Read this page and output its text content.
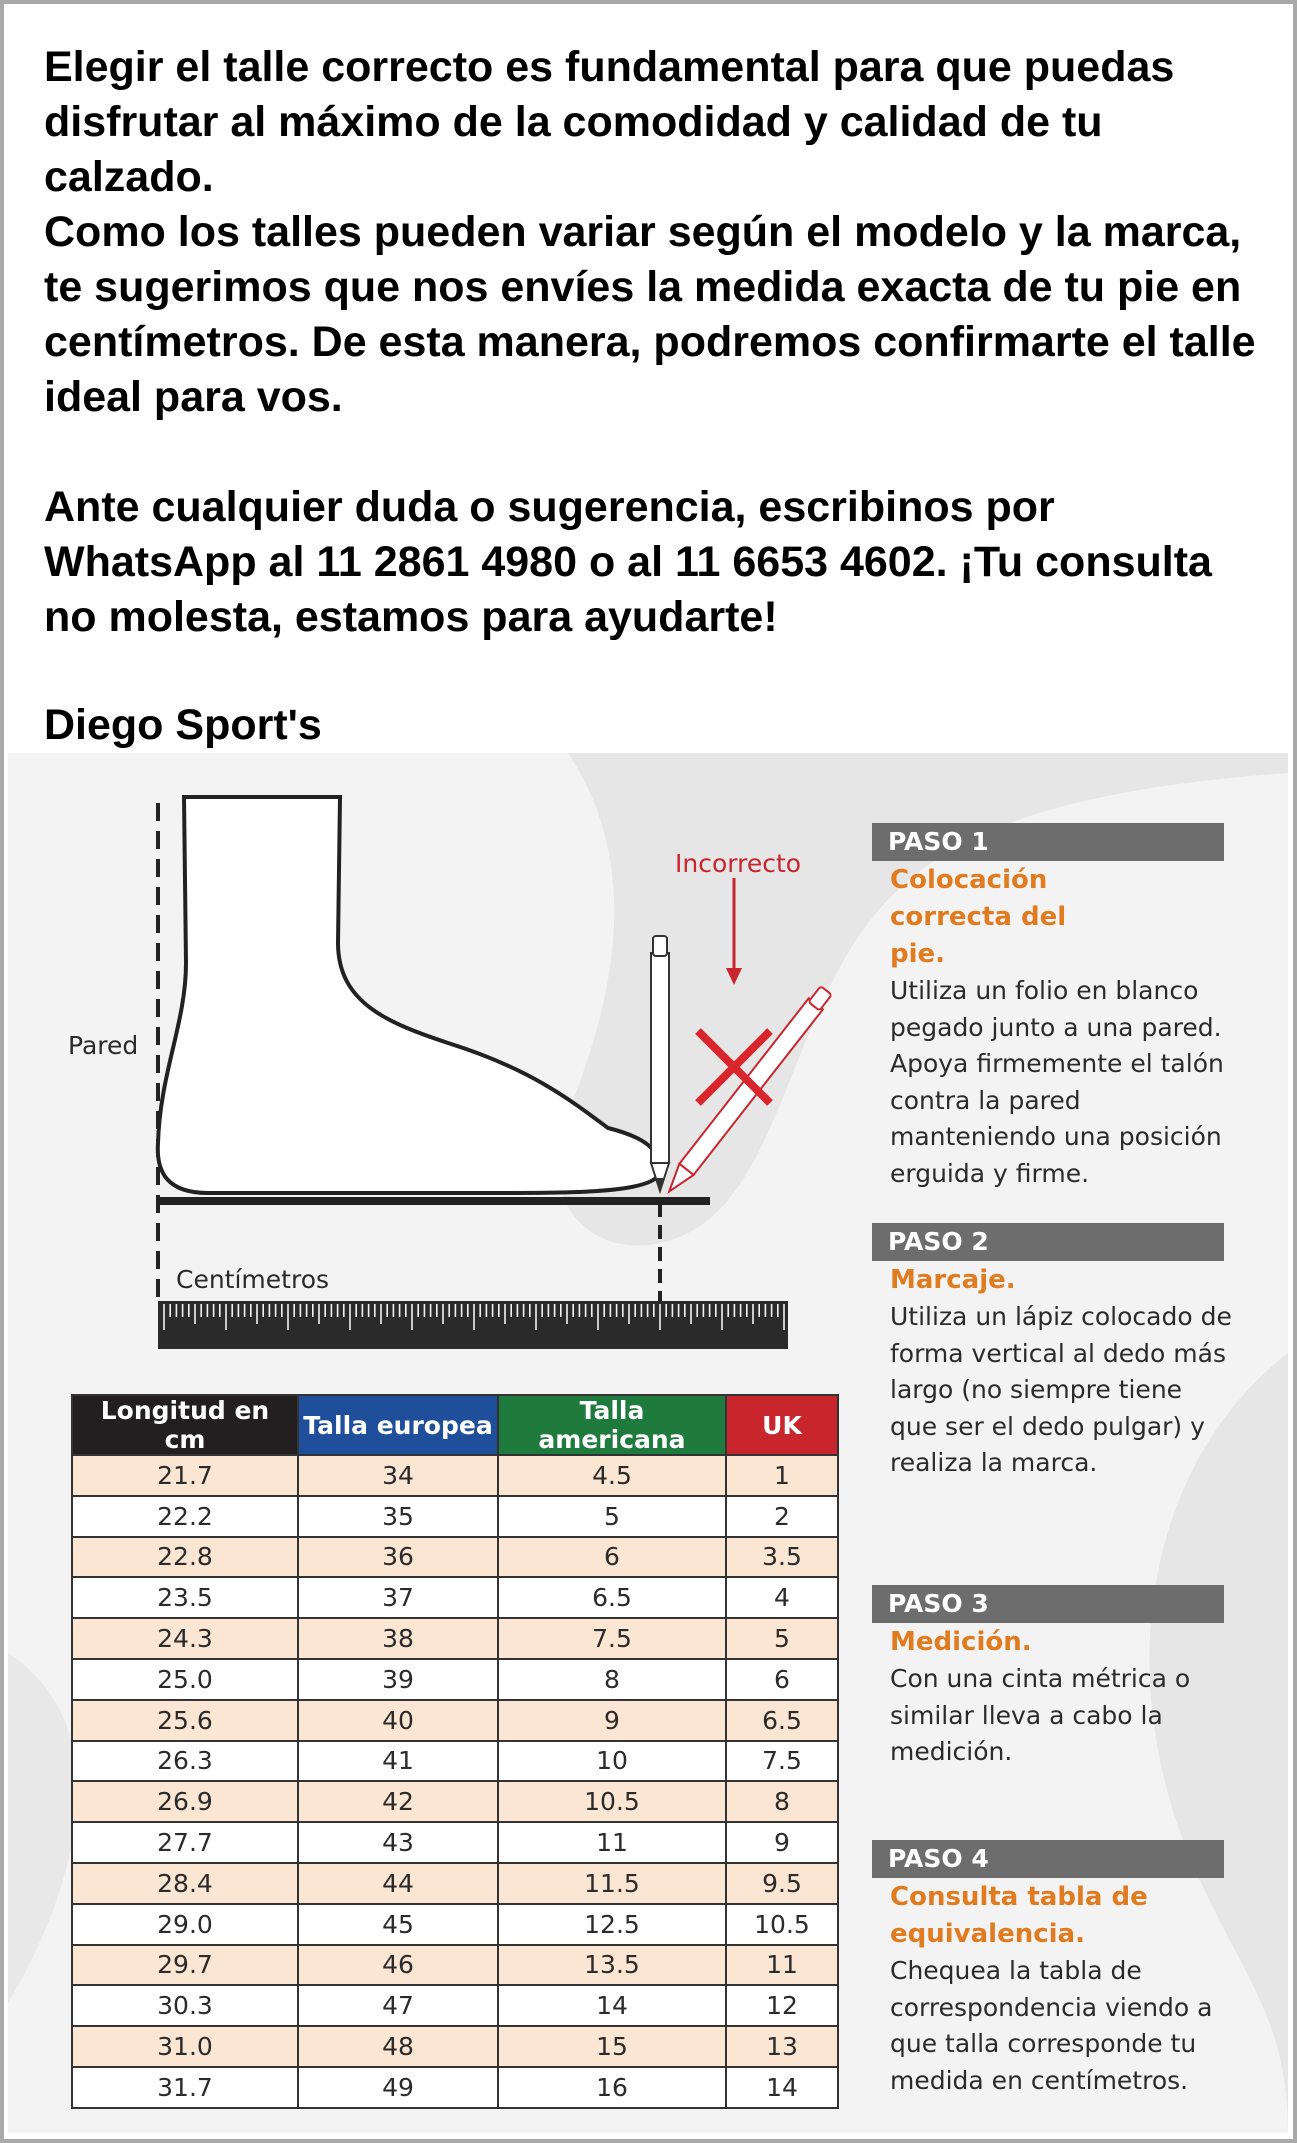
Elegir el talle correcto es fundamental para que puedas disfrutar al máximo de la comodidad y calidad de tu calzado.

Como los talles pueden variar según el modelo y la marca, te sugerimos que nos envíes la medida exacta de tu pie en centímetros. De esta manera, podremos confirmarte el talle ideal para vos.

Ante cualquier duda o sugerencia, escribinos por WhatsApp al 11 2861 4980 o al 11 6653 4602. ¡Tu consulta no molesta, estamos para ayudarte!

Diego Sport's
Pared
Incorrecto
Centímetros
PASO 1
Colocación correcta del pie.
Utiliza un folio en blanco pegado junto a una pared. Apoya firmemente el talón contra la pared manteniendo una posición erguida y firme.
PASO 2
Marcaje.
Utiliza un lápiz colocado de forma vertical al dedo más largo (no siempre tiene que ser el dedo pulgar) y realiza la marca.
PASO 3
Medición.
Con una cinta métrica o similar lleva a cabo la medición.
PASO 4
Consulta tabla de equivalencia.
Chequea la tabla de correspondencia viendo a que talla corresponde tu medida en centímetros.
Longitud en cm	Talla europea	Talla americana	UK
21.7	34	4.5	1
22.2	35	5	2
22.8	36	6	3.5
23.5	37	6.5	4
24.3	38	7.5	5
25.0	39	8	6
25.6	40	9	6.5
26.3	41	10	7.5
26.9	42	10.5	8
27.7	43	11	9
28.4	44	11.5	9.5
29.0	45	12.5	10.5
29.7	46	13.5	11
30.3	47	14	12
31.0	48	15	13
31.7	49	16	14
